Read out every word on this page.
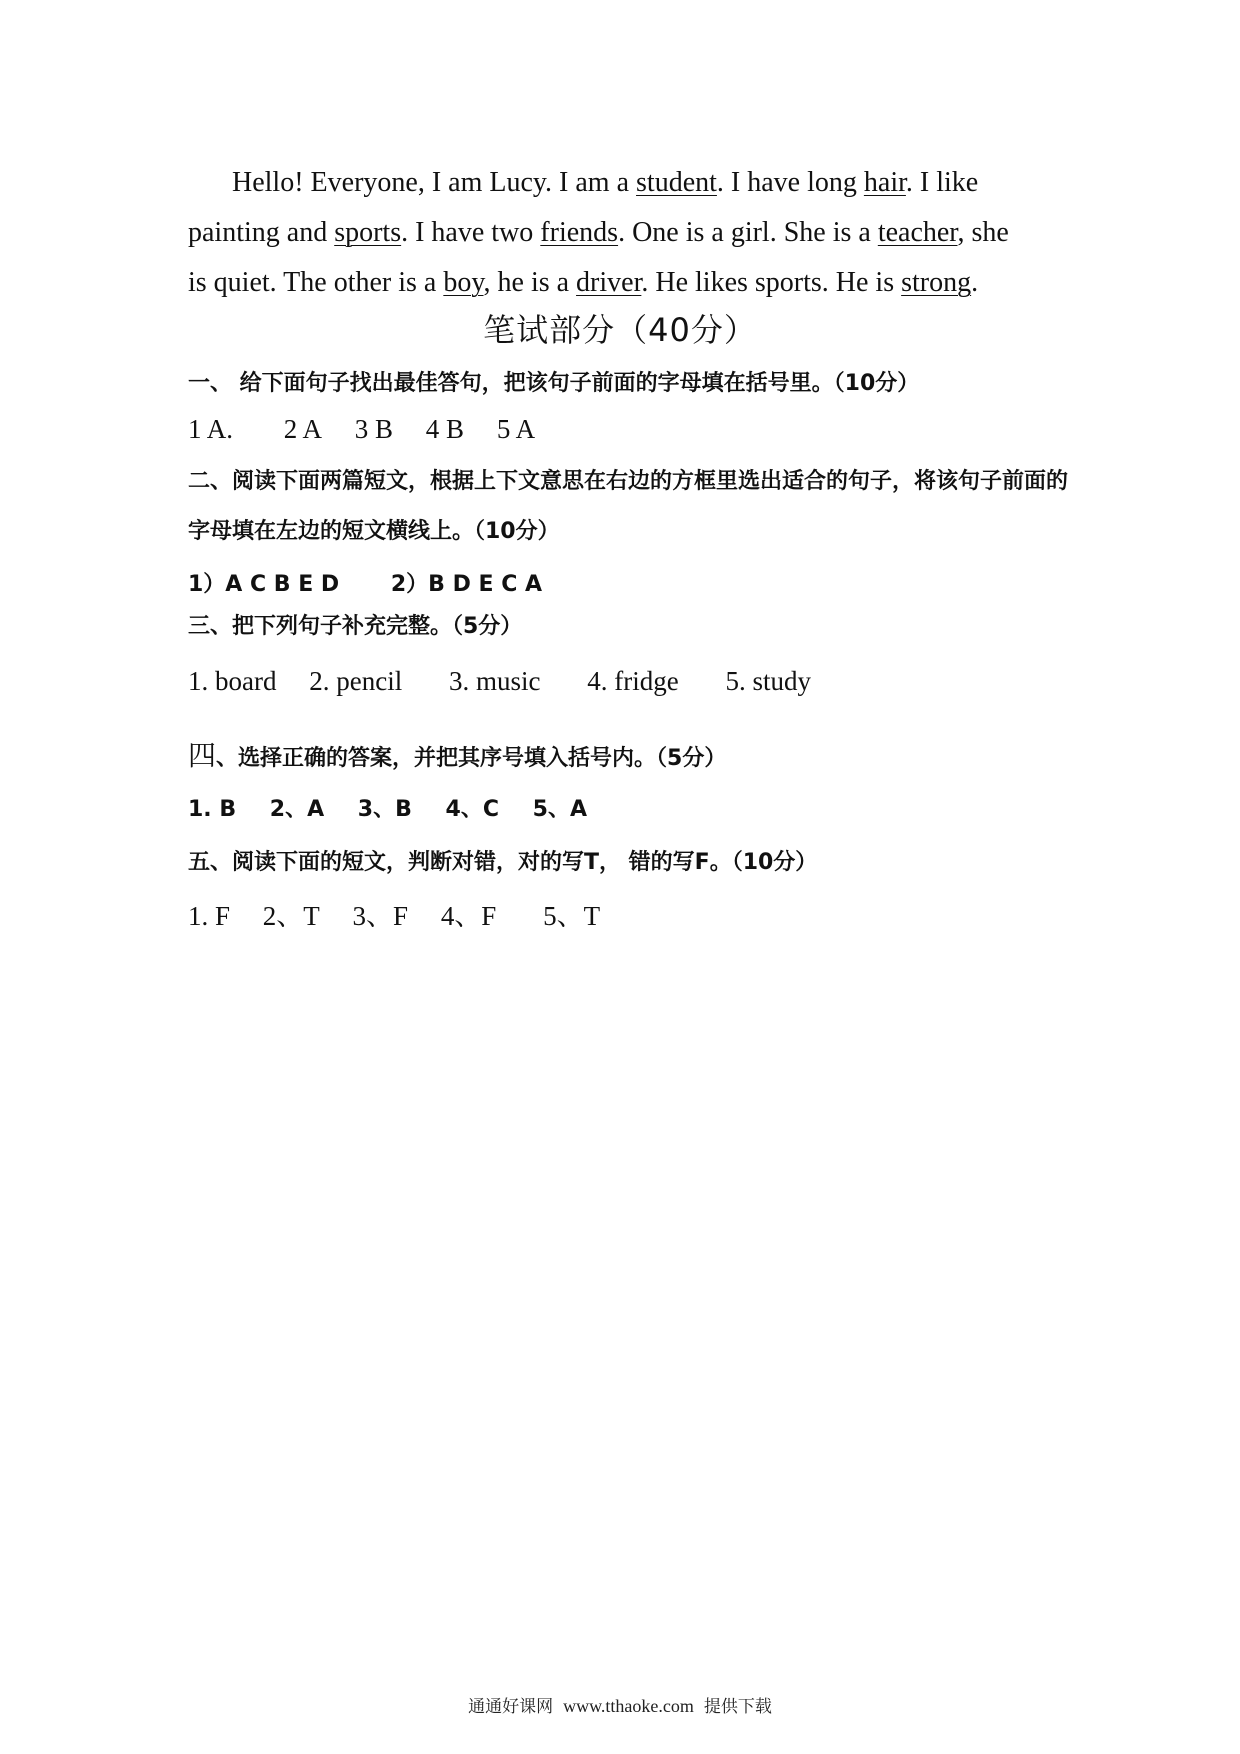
Hello! Everyone, I am Lucy. I am a student. I have long hair. I like
painting and sports. I have two friends. One is a girl. She is a teacher, she
is quiet. The other is a boy, he is a driver. He likes sports. He is strong.
笔试部分（40分）
一、 给下面句子找出最佳答句，把该句子前面的字母填在括号里。（10分）
1 A. 2 A 3 B 4 B 5 A
二、阅读下面两篇短文，根据上下文意思在右边的方框里选出适合的句子，将该句子前面的字母填在左边的短文横线上。（10分）
1）A C B E D 2）B D E C A
三、把下列句子补充完整。（5分）
1. board 2. pencil 3. music 4. fridge 5. study
四、选择正确的答案，并把其序号填入括号内。（5分）
1. B 2、A 3、B 4、C 5、A
五、阅读下面的短文，判断对错，对的写T， 错的写F。（10分）
1. F 2、T 3、F 4、F 5、T
通通好课网 www.tthaoke.com 提供下载
